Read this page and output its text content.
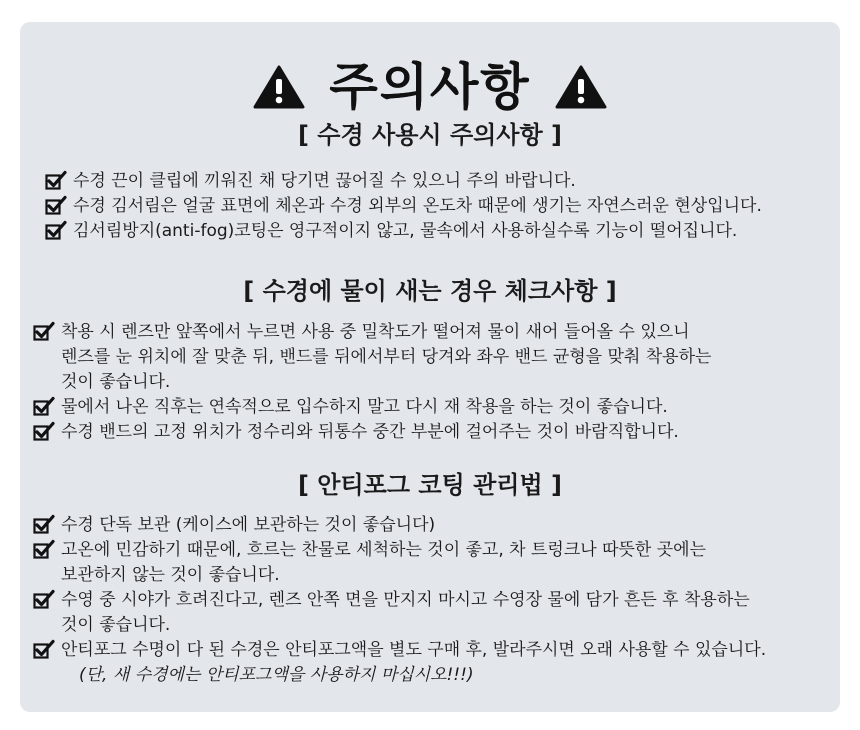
주의사항
[ 수경 사용시 주의사항 ]
수경 끈이 클립에 끼워진 채 당기면 끊어질 수 있으니 주의 바랍니다.
수경 김서림은 얼굴 표면에 체온과 수경 외부의 온도차 때문에 생기는 자연스러운 현상입니다.
김서림방지(anti-fog)코팅은 영구적이지 않고, 물속에서 사용하실수록 기능이 떨어집니다.
[ 수경에 물이 새는 경우 체크사항 ]
착용 시 렌즈만 앞쪽에서 누르면 사용 중 밀착도가 떨어져 물이 새어 들어올 수 있으니
렌즈를 눈 위치에 잘 맞춘 뒤, 밴드를 뒤에서부터 당겨와 좌우 밴드 균형을 맞춰 착용하는
것이 좋습니다.
물에서 나온 직후는 연속적으로 입수하지 말고 다시 재 착용을 하는 것이 좋습니다.
수경 밴드의 고정 위치가 정수리와 뒤통수 중간 부분에 걸어주는 것이 바람직합니다.
[ 안티포그 코팅 관리법 ]
수경 단독 보관 (케이스에 보관하는 것이 좋습니다)
고온에 민감하기 때문에, 흐르는 찬물로 세척하는 것이 좋고, 차 트렁크나 따뜻한 곳에는
보관하지 않는 것이 좋습니다.
수영 중 시야가 흐려진다고, 렌즈 안쪽 면을 만지지 마시고 수영장 물에 담가 흔든 후 착용하는
것이 좋습니다.
안티포그 수명이 다 된 수경은 안티포그액을 별도 구매 후, 발라주시면 오래 사용할 수 있습니다.
(단, 새 수경에는 안티포그액을 사용하지 마십시오!!!)
